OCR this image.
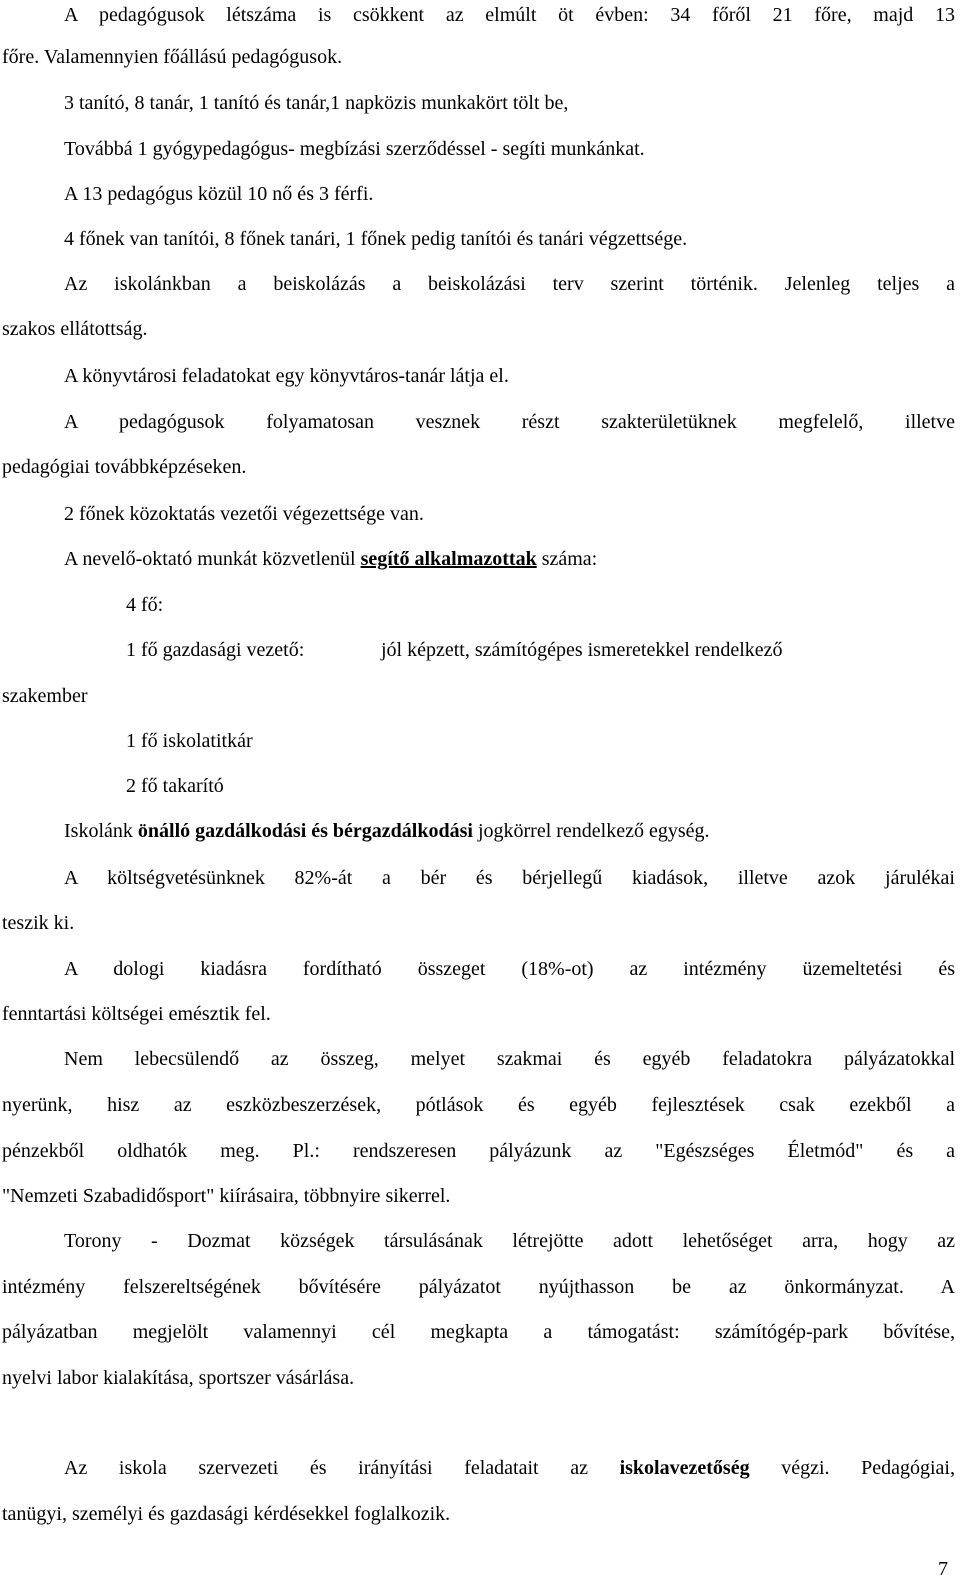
A pedagógusok létszáma is csökkent az elmúlt öt évben: 34 főről 21 főre, majd 13

főre. Valamennyien főállású pedagógusok.

3 tanító, 8 tanár, 1 tanító és tanár,1 napközis munkakört tölt be,

Továbbá 1 gyógypedagógus- megbízási szerződéssel - segíti munkánkat.

A 13 pedagógus közül 10 nő és 3 férfi.

4 főnek van tanítói, 8 főnek tanári, 1 főnek pedig tanítói és tanári végzettsége.

Az iskolánkban a beiskolázás a beiskolázási terv szerint történik. Jelenleg teljes a

szakos ellátottság.

A könyvtárosi feladatokat egy könyvtáros-tanár látja el.

A pedagógusok folyamatosan vesznek részt szakterületüknek megfelelő, illetve

pedagógiai továbbképzéseken.

2 főnek közoktatás vezetői végezettsége van.

A nevelő-oktató munkát közvetlenül segítő alkalmazottak száma:

4 fő:

1 fő gazdasági vezető:	jól képzett, számítógépes ismeretekkel rendelkező

szakember

1 fő iskolatitkár

2 fő takarító

Iskolánk önálló gazdálkodási és bérgazdálkodási jogkörrel rendelkező egység.

A költségvetésünknek 82%-át a bér és bérjellegű kiadások, illetve azok járulékai

teszik ki.

A dologi kiadásra fordítható összeget (18%-ot) az intézmény üzemeltetési és

fenntartási költségei emésztik fel.

Nem lebecsülendő az összeg, melyet szakmai és egyéb feladatokra pályázatokkal

nyerünk, hisz az eszközbeszerzések, pótlások és egyéb fejlesztések csak ezekből a

pénzekből oldhatók meg. Pl.: rendszeresen pályázunk az "Egészséges Életmód" és a

"Nemzeti Szabadidősport" kiírásaira, többnyire sikerrel.

Torony - Dozmat községek társulásának létrejötte adott lehetőséget arra, hogy az

intézmény felszereltségének bővítésére pályázatot nyújthasson be az önkormányzat. A

pályázatban megjelölt valamennyi cél megkapta a támogatást: számítógép-park bővítése,

nyelvi labor kialakítása, sportszer vásárlása.

Az iskola szervezeti és irányítási feladatait az iskolavezetőség végzi. Pedagógiai,

tanügyi, személyi és gazdasági kérdésekkel foglalkozik.

7
